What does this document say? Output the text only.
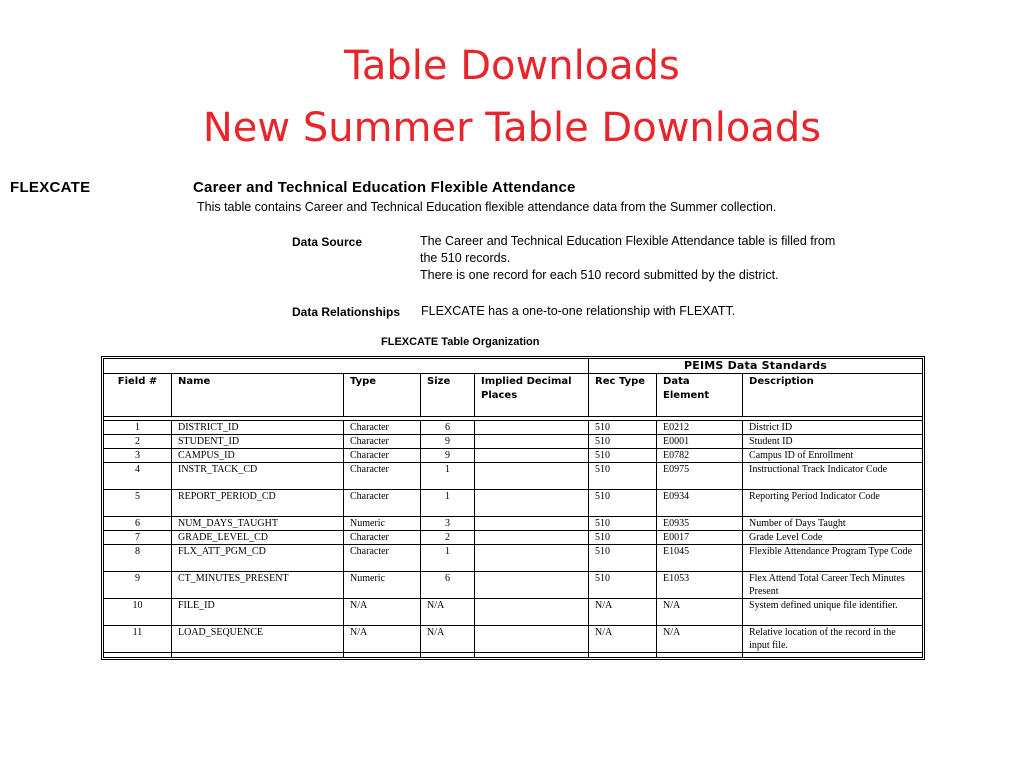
Table Downloads
New Summer Table Downloads
FLEXCATE	Career and Technical Education Flexible Attendance
This table contains Career and Technical Education flexible attendance data from the Summer collection.
Data Source	The Career and Technical Education Flexible Attendance table is filled from
the 510 records.
There is one record for each 510 record submitted by the district.
Data Relationships FLEXCATE has a one-to-one relationship with FLEXATT.
FLEXCATE Table Organization
					PEIMS Data Standards		
Field #	Name	Type	Size	Implied Decimal Places	Rec Type	Data Element	Description

1	DISTRICT_ID	Character	6		510	E0212	District ID
2	STUDENT_ID	Character	9		510	E0001	Student ID
3	CAMPUS_ID	Character	9		510	E0782	Campus ID of Enrollment
4	INSTR_TACK_CD	Character	1		510	E0975	Instructional Track Indicator Code
5	REPORT_PERIOD_CD	Character	1		510	E0934	Reporting Period Indicator Code
6	NUM_DAYS_TAUGHT	Numeric	3		510	E0935	Number of Days Taught
7	GRADE_LEVEL_CD	Character	2		510	E0017	Grade Level Code
8	FLX_ATT_PGM_CD	Character	1		510	E1045	Flexible Attendance Program Type Code
9	CT_MINUTES_PRESENT	Numeric	6		510	E1053	Flex Attend Total Career Tech Minutes Present
10	FILE_ID	N/A	N/A		N/A	N/A	System defined unique file identifier.
11	LOAD_SEQUENCE	N/A	N/A		N/A	N/A	Relative location of the record in the input file.
